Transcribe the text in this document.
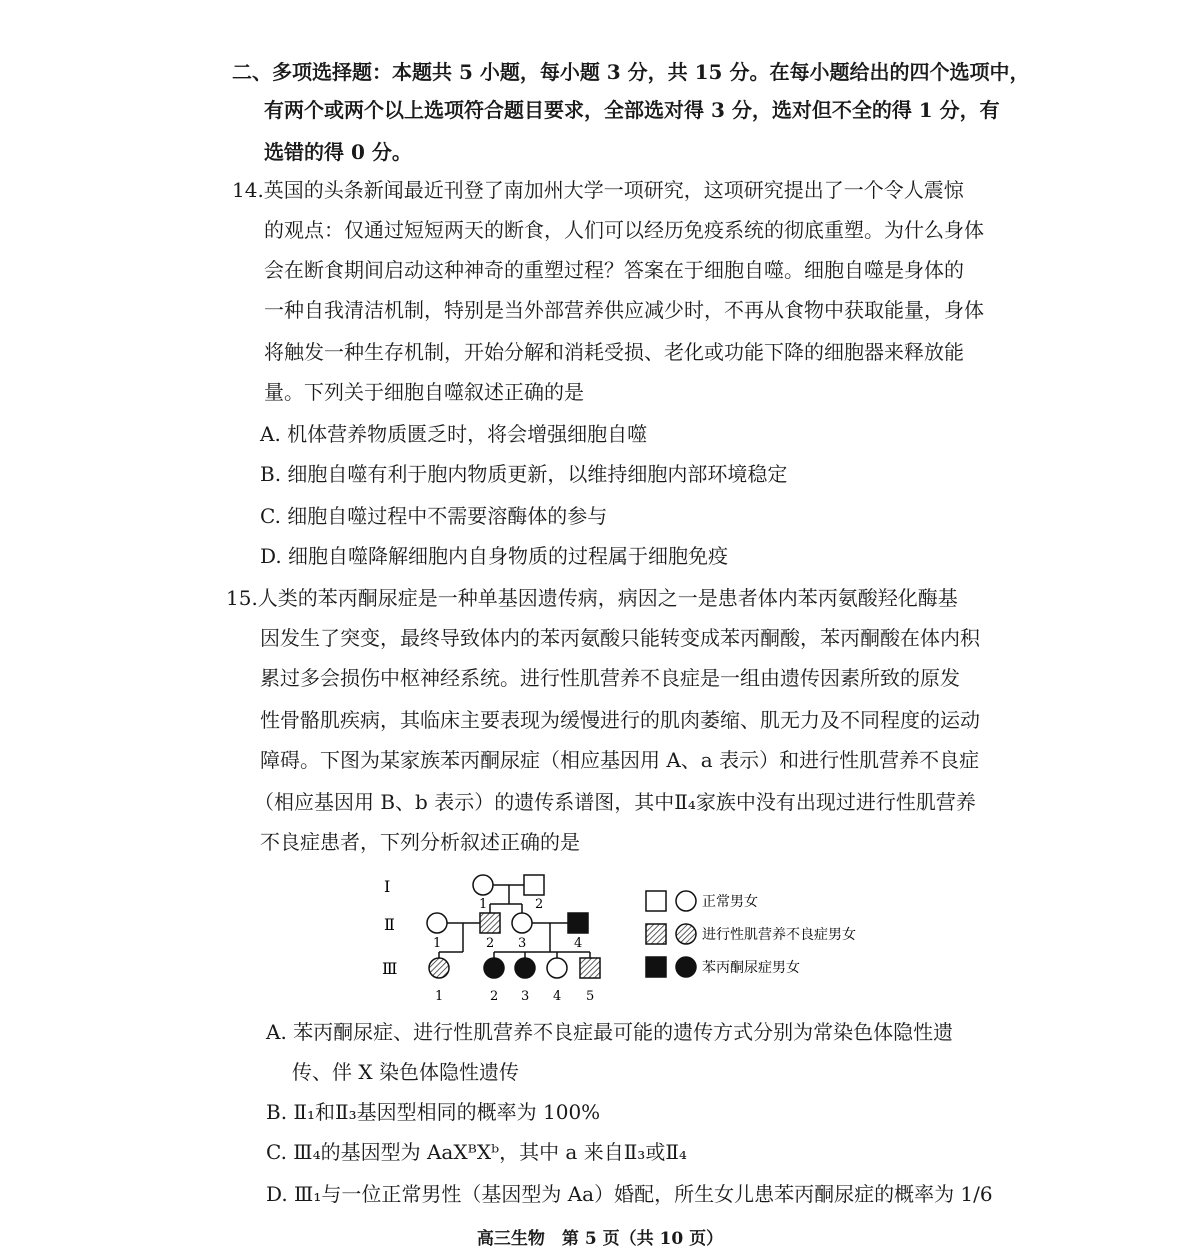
二、多项选择题：本题共 5 小题，每小题 3 分，共 15 分。在每小题给出的四个选项中，
有两个或两个以上选项符合题目要求，全部选对得 3 分，选对但不全的得 1 分，有
选错的得 0 分。
14.英国的头条新闻最近刊登了南加州大学一项研究，这项研究提出了一个令人震惊
的观点：仅通过短短两天的断食，人们可以经历免疫系统的彻底重塑。为什么身体
会在断食期间启动这种神奇的重塑过程？答案在于细胞自噬。细胞自噬是身体的
一种自我清洁机制，特别是当外部营养供应减少时，不再从食物中获取能量，身体
将触发一种生存机制，开始分解和消耗受损、老化或功能下降的细胞器来释放能
量。下列关于细胞自噬叙述正确的是
A. 机体营养物质匮乏时，将会增强细胞自噬
B. 细胞自噬有利于胞内物质更新，以维持细胞内部环境稳定
C. 细胞自噬过程中不需要溶酶体的参与
D. 细胞自噬降解细胞内自身物质的过程属于细胞免疫
15.人类的苯丙酮尿症是一种单基因遗传病，病因之一是患者体内苯丙氨酸羟化酶基
因发生了突变，最终导致体内的苯丙氨酸只能转变成苯丙酮酸，苯丙酮酸在体内积
累过多会损伤中枢神经系统。进行性肌营养不良症是一组由遗传因素所致的原发
性骨骼肌疾病，其临床主要表现为缓慢进行的肌肉萎缩、肌无力及不同程度的运动
障碍。下图为某家族苯丙酮尿症（相应基因用 A、a 表示）和进行性肌营养不良症
（相应基因用 B、b 表示）的遗传系谱图，其中Ⅱ₄家族中没有出现过进行性肌营养
不良症患者，下列分析叙述正确的是
Ⅰ
Ⅱ
Ⅲ
1	2
1	2 3	4
1	2 3 4 5
正常男女
进行性肌营养不良症男女
苯丙酮尿症男女
A. 苯丙酮尿症、进行性肌营养不良症最可能的遗传方式分别为常染色体隐性遗
传、伴 X 染色体隐性遗传
B. Ⅱ₁和Ⅱ₃基因型相同的概率为 100%
C. Ⅲ₄的基因型为 AaXᴮXᵇ，其中 a 来自Ⅱ₃或Ⅱ₄
D. Ⅲ₁与一位正常男性（基因型为 Aa）婚配，所生女儿患苯丙酮尿症的概率为 1/6
高三生物　第 5 页（共 10 页）
